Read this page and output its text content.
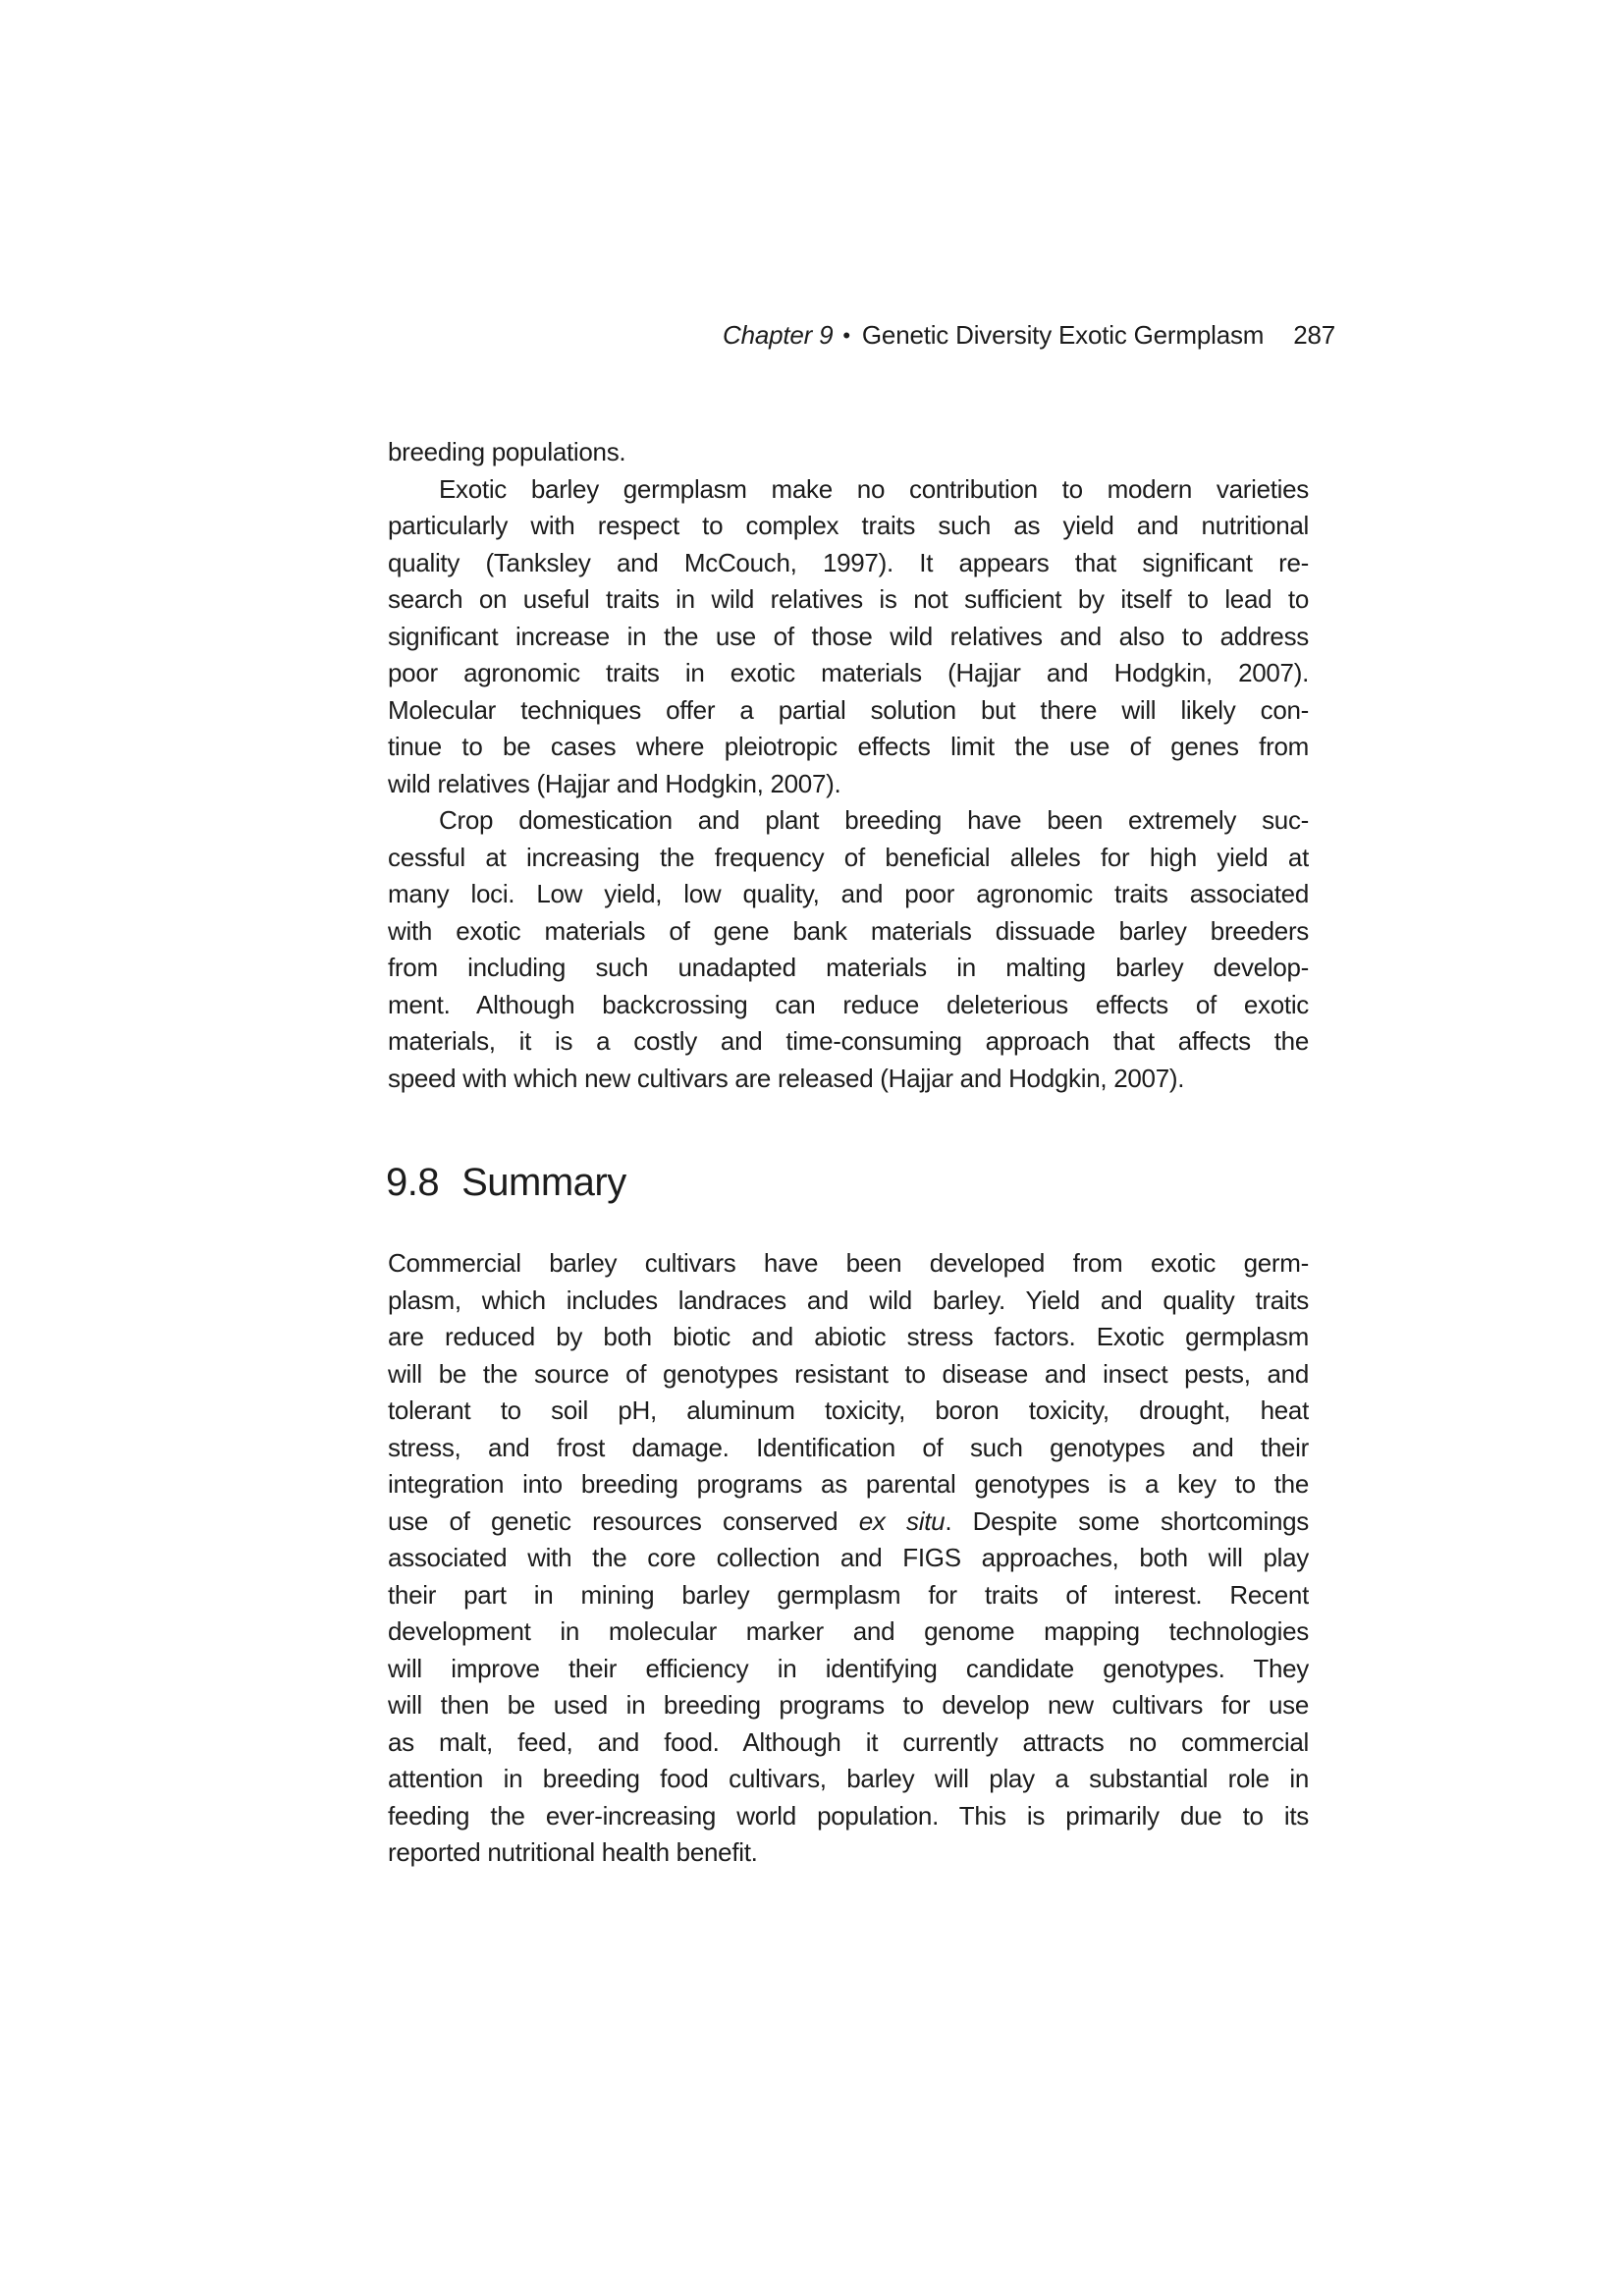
Chapter 9 • Genetic Diversity Exotic Germplasm 287
breeding populations.
Exotic barley germplasm make no contribution to modern varieties
particularly with respect to complex traits such as yield and nutritional
quality (Tanksley and McCouch, 1997). It appears that significant re-
search on useful traits in wild relatives is not sufficient by itself to lead to
significant increase in the use of those wild relatives and also to address
poor agronomic traits in exotic materials (Hajjar and Hodgkin, 2007).
Molecular techniques offer a partial solution but there will likely con-
tinue to be cases where pleiotropic effects limit the use of genes from
wild relatives (Hajjar and Hodgkin, 2007).
Crop domestication and plant breeding have been extremely suc-
cessful at increasing the frequency of beneficial alleles for high yield at
many loci. Low yield, low quality, and poor agronomic traits associated
with exotic materials of gene bank materials dissuade barley breeders
from including such unadapted materials in malting barley develop-
ment. Although backcrossing can reduce deleterious effects of exotic
materials, it is a costly and time-consuming approach that affects the
speed with which new cultivars are released (Hajjar and Hodgkin, 2007).
9.8 Summary
Commercial barley cultivars have been developed from exotic germ-
plasm, which includes landraces and wild barley. Yield and quality traits
are reduced by both biotic and abiotic stress factors. Exotic germplasm
will be the source of genotypes resistant to disease and insect pests, and
tolerant to soil pH, aluminum toxicity, boron toxicity, drought, heat
stress, and frost damage. Identification of such genotypes and their
integration into breeding programs as parental genotypes is a key to the
use of genetic resources conserved ex situ. Despite some shortcomings
associated with the core collection and FIGS approaches, both will play
their part in mining barley germplasm for traits of interest. Recent
development in molecular marker and genome mapping technologies
will improve their efficiency in identifying candidate genotypes. They
will then be used in breeding programs to develop new cultivars for use
as malt, feed, and food. Although it currently attracts no commercial
attention in breeding food cultivars, barley will play a substantial role in
feeding the ever-increasing world population. This is primarily due to its
reported nutritional health benefit.
